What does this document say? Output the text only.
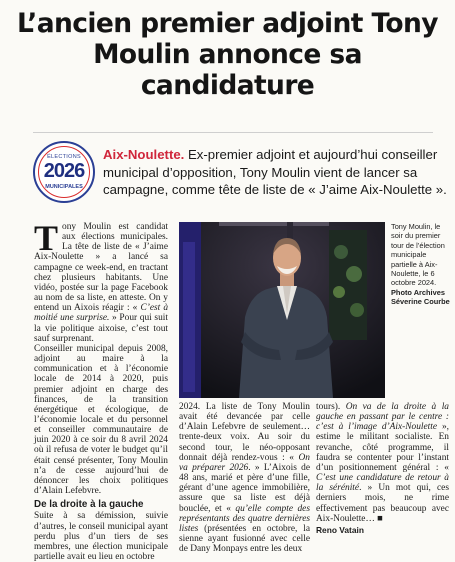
L’ancien premier adjoint Tony Moulin annonce sa candidature
ÉLECTIONS
2026
MUNICIPALES

Aix-Noulette. Ex-premier adjoint et aujourd’hui conseiller municipal d’opposition, Tony Moulin vient de lancer sa campagne, comme tête de liste de « J’aime Aix-Noulette ».

Tony Moulin est candidat aux élections municipales. La tête de liste de « J’aime Aix-Noulette » a lancé sa campagne ce week-end, en tractant chez plusieurs habitants. Une vidéo, postée sur la page Facebook au nom de sa liste, en atteste. On y entend un Aixois réagir : « C’est à moitié une surprise. » Pour qui suit la vie politique aixoise, c’est tout sauf surprenant.

Conseiller municipal depuis 2008, adjoint au maire à la communication et à l’économie locale de 2014 à 2020, puis premier adjoint en charge des finances, de la transition énergétique et écologique, de l’économie locale et du personnel et conseiller communautaire de juin 2020 à ce soir du 8 avril 2024 où il refusa de voter le budget qu’il était censé présenter, Tony Moulin n’a de cesse aujourd’hui de dénoncer les choix politiques d’Alain Lefebvre.

De la droite à la gauche

Suite à sa démission, suivie d’autres, le conseil municipal ayant perdu plus d’un tiers de ses membres, une élection municipale partielle avait eu lieu en octobre

Tony Moulin, le soir du premier tour de l’élection municipale partielle à Aix-Noulette, le 6 octobre 2024.
Photo Archives Séverine Courbe

2024. La liste de Tony Moulin avait été devancée par celle d’Alain Lefebvre de seulement… trente-deux voix. Au soir du second tour, le néo-opposant donnait déjà rendez-vous : « On va préparer 2026. » L’Aixois de 48 ans, marié et père d’une fille, gérant d’une agence immobilière, assure que sa liste est déjà bouclée, et « qu’elle compte des représentants des quatre dernières listes (présentées en octobre, la sienne ayant fusionné avec celle de Dany Monpays entre les deux

tours). On va de la droite à la gauche en passant par le centre : c’est à l’image d’Aix-Noulette », estime le militant socialiste. En revanche, côté programme, il faudra se contenter pour l’instant d’un positionnement général : « C’est une candidature de retour à la sérénité. » Un mot qui, ces derniers mois, ne rime effectivement pas beaucoup avec Aix-Noulette… ■

Reno Vatain
